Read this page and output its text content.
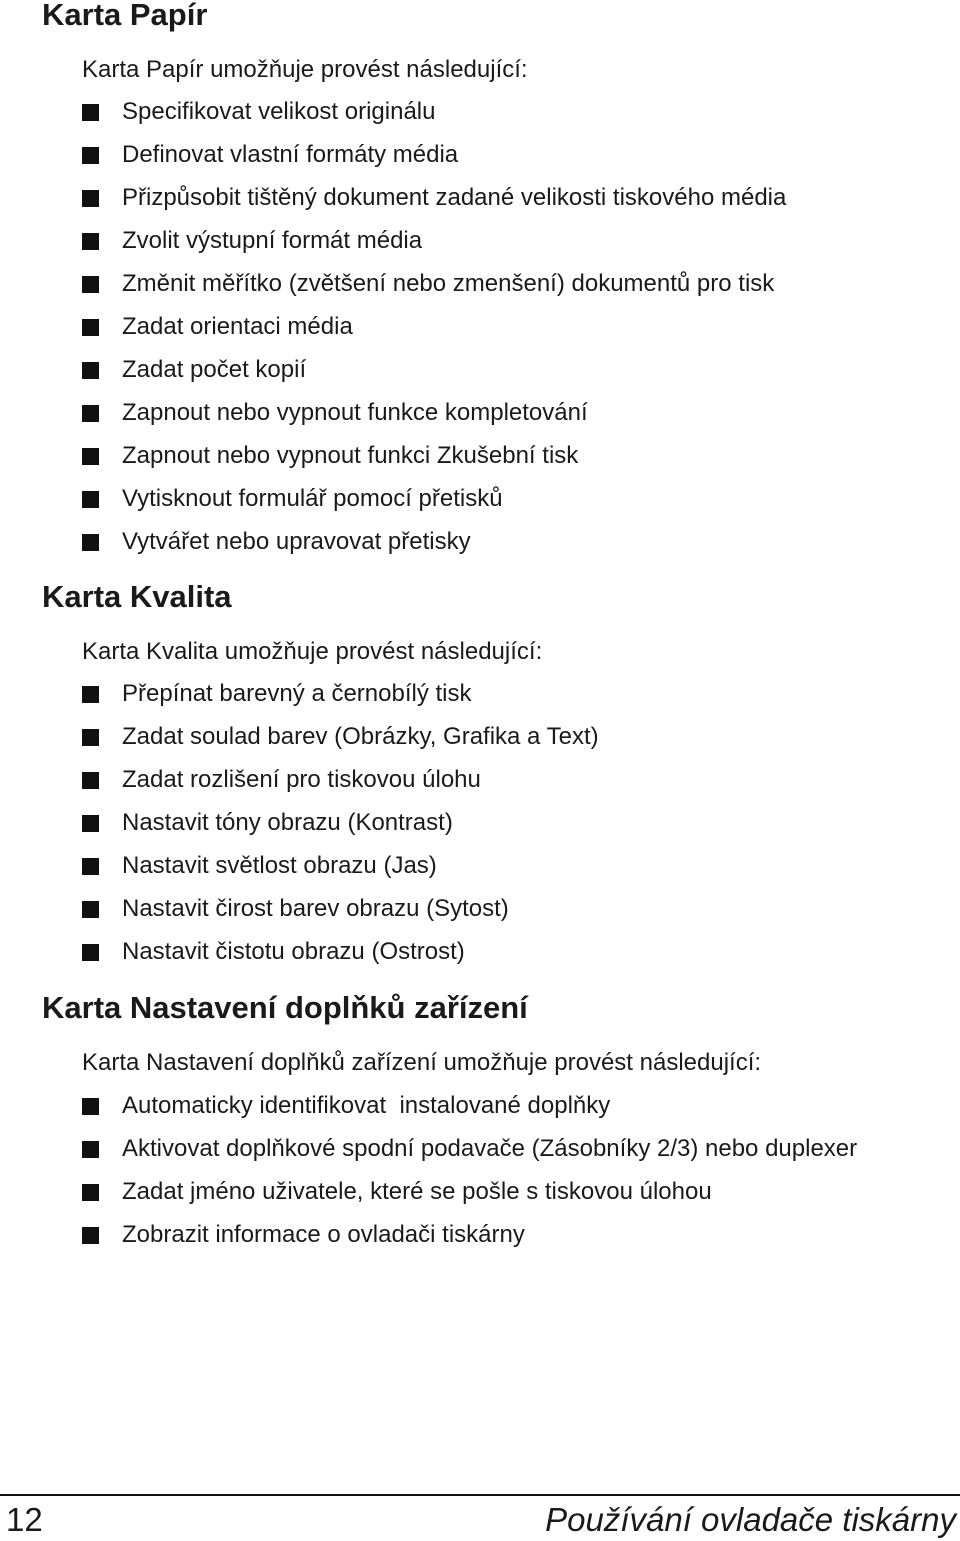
Karta Papír
Karta Papír umožňuje provést následující:
Specifikovat velikost originálu
Definovat vlastní formáty média
Přizpůsobit tištěný dokument zadané velikosti tiskového média
Zvolit výstupní formát média
Změnit měřítko (zvětšení nebo zmenšení) dokumentů pro tisk
Zadat orientaci média
Zadat počet kopií
Zapnout nebo vypnout funkce kompletování
Zapnout nebo vypnout funkci Zkušební tisk
Vytisknout formulář pomocí přetisků
Vytvářet nebo upravovat přetisky
Karta Kvalita
Karta Kvalita umožňuje provést následující:
Přepínat barevný a černobílý tisk
Zadat soulad barev (Obrázky, Grafika a Text)
Zadat rozlišení pro tiskovou úlohu
Nastavit tóny obrazu (Kontrast)
Nastavit světlost obrazu (Jas)
Nastavit čirost barev obrazu (Sytost)
Nastavit čistotu obrazu (Ostrost)
Karta Nastavení doplňků zařízení
Karta Nastavení doplňků zařízení umožňuje provést následující:
Automaticky identifikovat  instalované doplňky
Aktivovat doplňkové spodní podavače (Zásobníky 2/3) nebo duplexer
Zadat jméno uživatele, které se pošle s tiskovou úlohou
Zobrazit informace o ovladači tiskárny
12	Používání ovladače tiskárny
